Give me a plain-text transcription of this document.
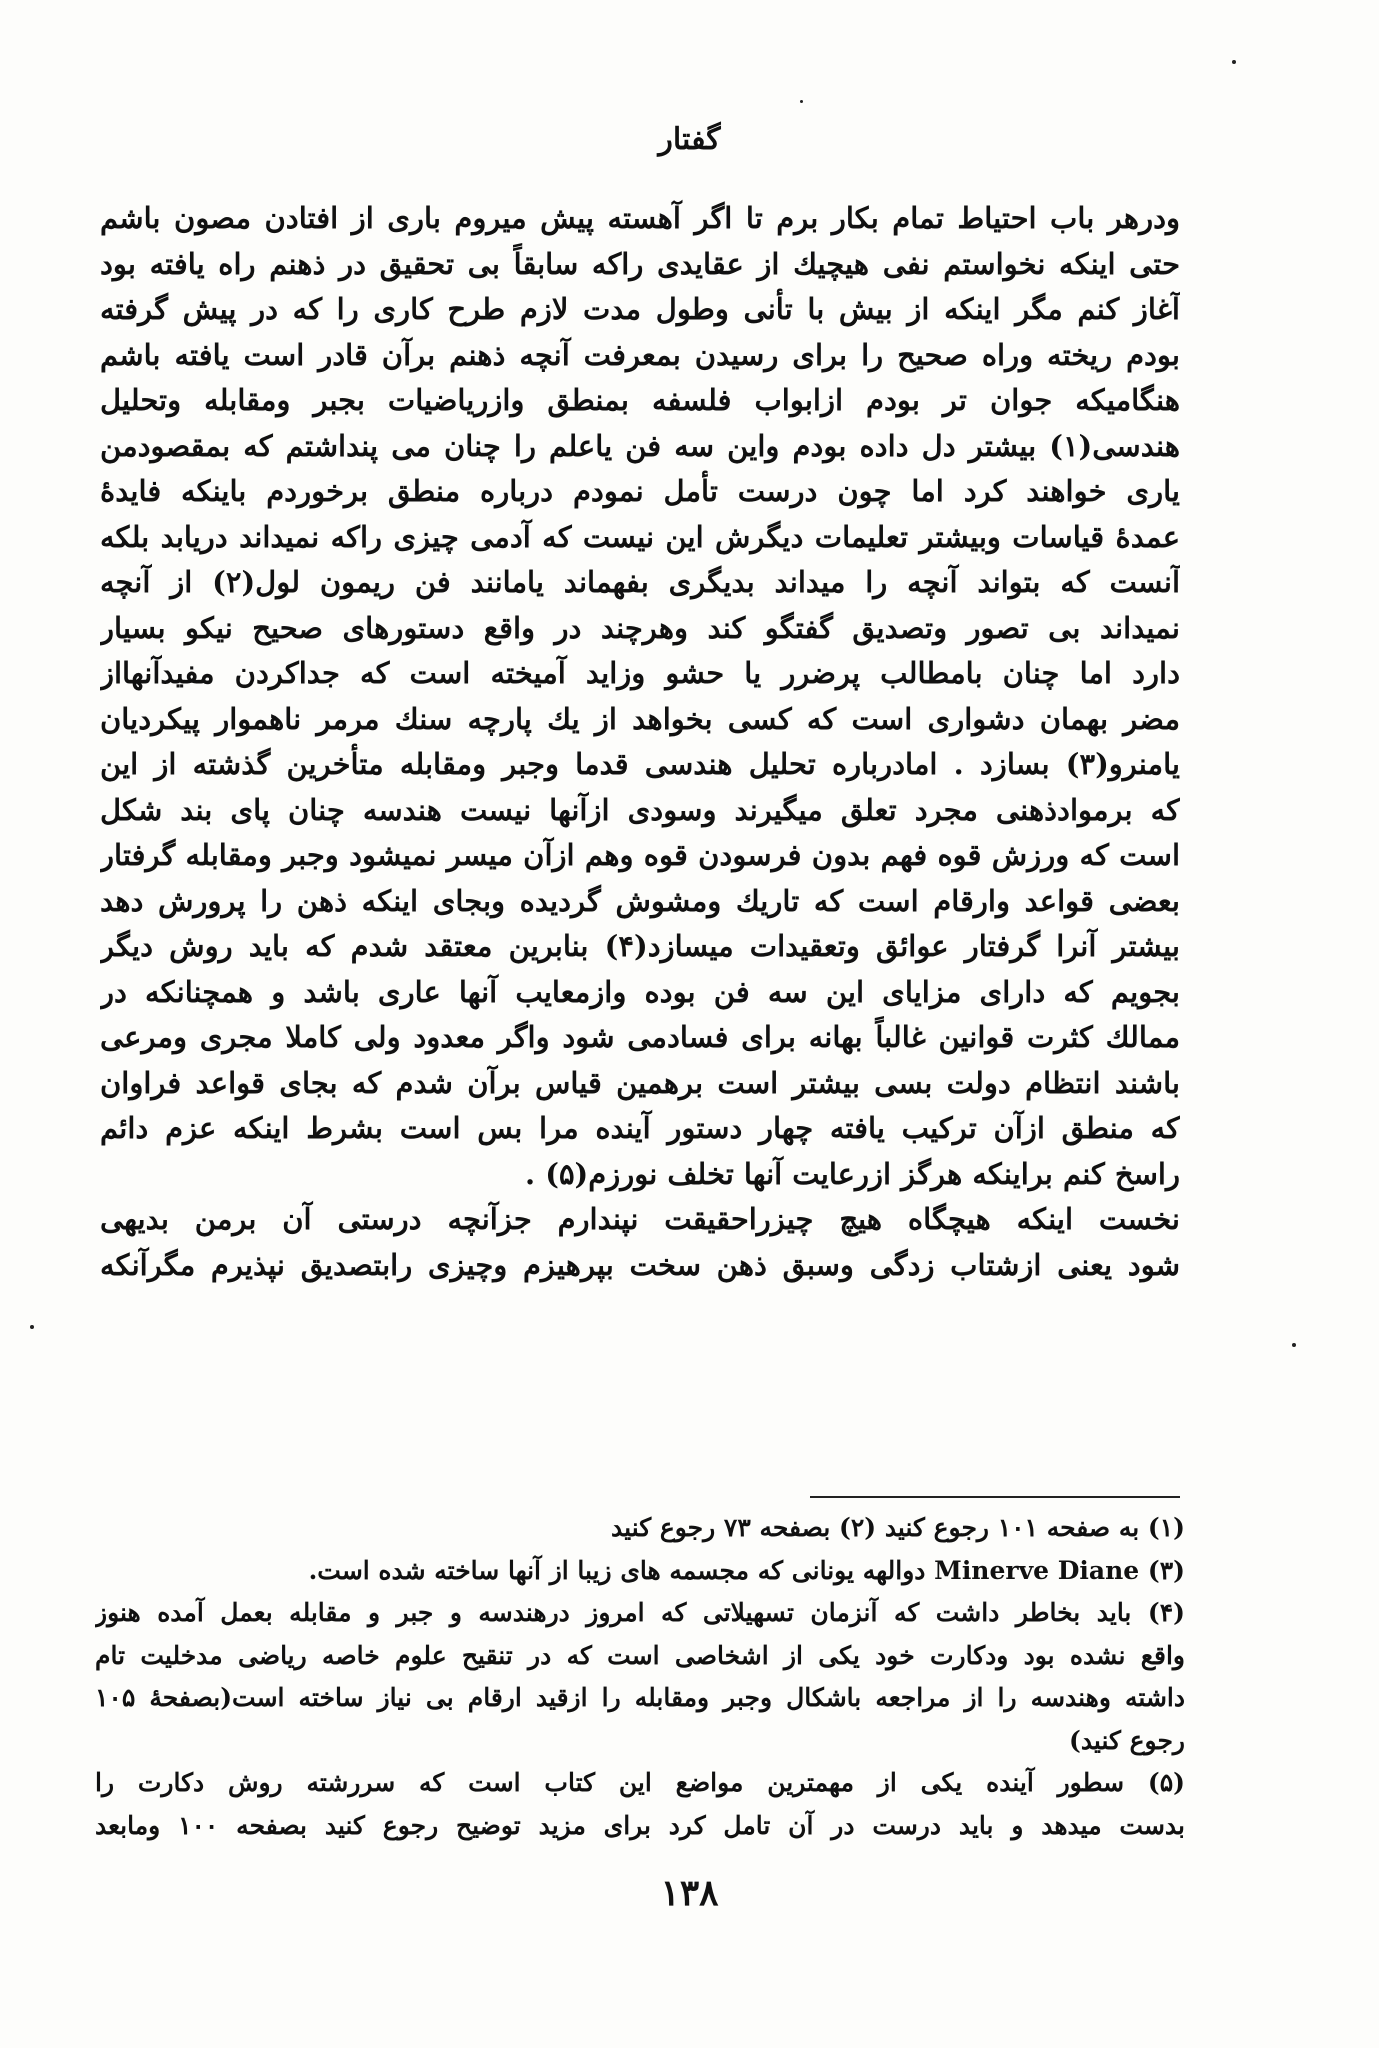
گفتار
ودرهر باب احتیاط تمام بکار برم تا اگر آهسته پیش میروم باری از افتادن مصون باشم
حتی اینکه نخواستم نفی هیچیك از عقایدی راكه سابقاً بی تحقیق در ذهنم راه یافته بود
آغاز کنم مگر اینکه از بیش با تأنی وطول مدت لازم طرح کاری را که در پیش گرفته
بودم ریخته وراه صحیح را برای رسیدن بمعرفت آنچه ذهنم برآن قادر است یافته باشم
هنگامیکه جوان تر بودم ازابواب فلسفه بمنطق وازریاضیات بجبر ومقابله وتحلیل
هندسی(۱) بیشتر دل داده بودم واین سه فن یاعلم را چنان می پنداشتم که بمقصودمن
یاری خواهند کرد اما چون درست تأمل نمودم درباره منطق برخوردم باینکه فایدهٔ
عمدهٔ قیاسات وبیشتر تعلیمات دیگرش این نیست که آدمی چیزی راکه نمیداند دریابد بلکه
آنست که بتواند آنچه را میداند بدیگری بفهماند یامانند فن ریمون لول(۲) از آنچه
نمیداند بی تصور وتصدیق گفتگو کند وهرچند در واقع دستورهای صحیح نیکو بسیار
دارد اما چنان بامطالب پرضرر یا حشو وزاید آمیخته است که جداکردن مفیدآنهااز
مضر بهمان دشواری است که کسی بخواهد از یك پارچه سنك مرمر ناهموار پیکردیان
یامنرو(۳) بسازد . امادرباره تحلیل هندسی قدما وجبر ومقابله متأخرین گذشته از این
که برموادذهنی مجرد تعلق میگیرند وسودی ازآنها نیست هندسه چنان پای بند شکل
است که ورزش قوه فهم بدون فرسودن قوه وهم ازآن میسر نمیشود وجبر ومقابله گرفتار
بعضی قواعد وارقام است که تاریك ومشوش گردیده وبجای اینکه ذهن را پرورش دهد
بیشتر آنرا گرفتار عوائق وتعقیدات میسازد(۴) بنابرین معتقد شدم که باید روش دیگر
بجویم که دارای مزایای این سه فن بوده وازمعایب آنها عاری باشد و همچنانکه در
ممالك کثرت قوانین غالباً بهانه برای فسادمی شود واگر معدود ولی کاملا مجری ومرعی
باشند انتظام دولت بسی بیشتر است برهمین قیاس برآن شدم که بجای قواعد فراوان
که منطق ازآن ترکیب یافته چهار دستور آینده مرا بس است بشرط اینکه عزم دائم
راسخ کنم براینکه هرگز ازرعایت آنها تخلف نورزم(۵) .
نخست اینکه هیچگاه هیچ چیزراحقیقت نپندارم جزآنچه درستی آن برمن بدیهی
شود یعنی ازشتاب زدگی وسبق ذهن سخت بپرهیزم وچیزی رابتصدیق نپذیرم مگرآنکه
(۱) به صفحه ۱۰۱ رجوع کنید (۲) بصفحه ۷۳ رجوع کنید
(۳) Minerve Diane دوالهه یونانی که مجسمه های زیبا از آنها ساخته شده است.
(۴) باید بخاطر داشت که آنزمان تسهیلاتی که امروز درهندسه و جبر و مقابله بعمل آمده هنوز
واقع نشده بود ودکارت خود یکی از اشخاصی است که در تنقیح علوم خاصه ریاضی مدخلیت تام
داشته وهندسه را از مراجعه باشکال وجبر ومقابله را ازقید ارقام بی نیاز ساخته است(بصفحهٔ ۱۰۵
رجوع کنید)
(۵) سطور آینده یکی از مهمترین مواضع این کتاب است که سررشته روش دکارت را
بدست میدهد و باید درست در آن تامل کرد برای مزید توضیح رجوع کنید بصفحه ۱۰۰ ومابعد
۱۳۸
